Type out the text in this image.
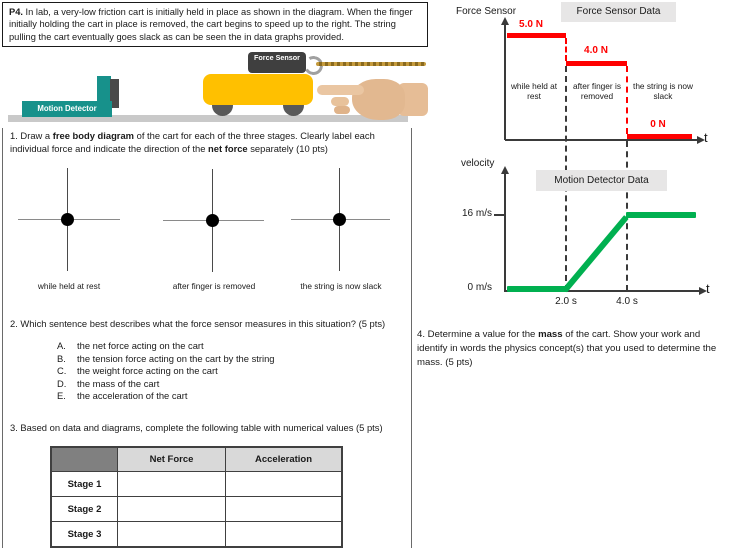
P4. In lab, a very-low friction cart is initially held in place as shown in the diagram. When the finger initially holding the cart in place is removed, the cart begins to speed up to the right. The string pulling the cart eventually goes slack as can be seen the in data graphs provided.
Motion Detector
Force Sensor
1. Draw a free body diagram of the cart for each of the three stages. Clearly label each individual force and indicate the direction of the net force separately (10 pts)
while held at rest	after finger is removed	the string is now slack
2. Which sentence best describes what the force sensor measures in this situation? (5 pts)
A.	the net force acting on the cart
B.	the tension force acting on the cart by the string
C.	the weight force acting on the cart
D.	the mass of the cart
E.	the acceleration of the cart
3. Based on data and diagrams, complete the following table with numerical values (5 pts)
	Net Force	Acceleration
Stage 1		
Stage 2		
Stage 3		
Force Sensor	Force Sensor Data
t
5.0 N
4.0 N
0 N
while held at rest
after finger is removed
the string is now slack
velocity
Motion Detector Data
t
16 m/s
0 m/s
2.0 s	4.0 s
4. Determine a value for the mass of the cart. Show your work and identify in words the physics concept(s) that you used to determine the mass. (5 pts)
